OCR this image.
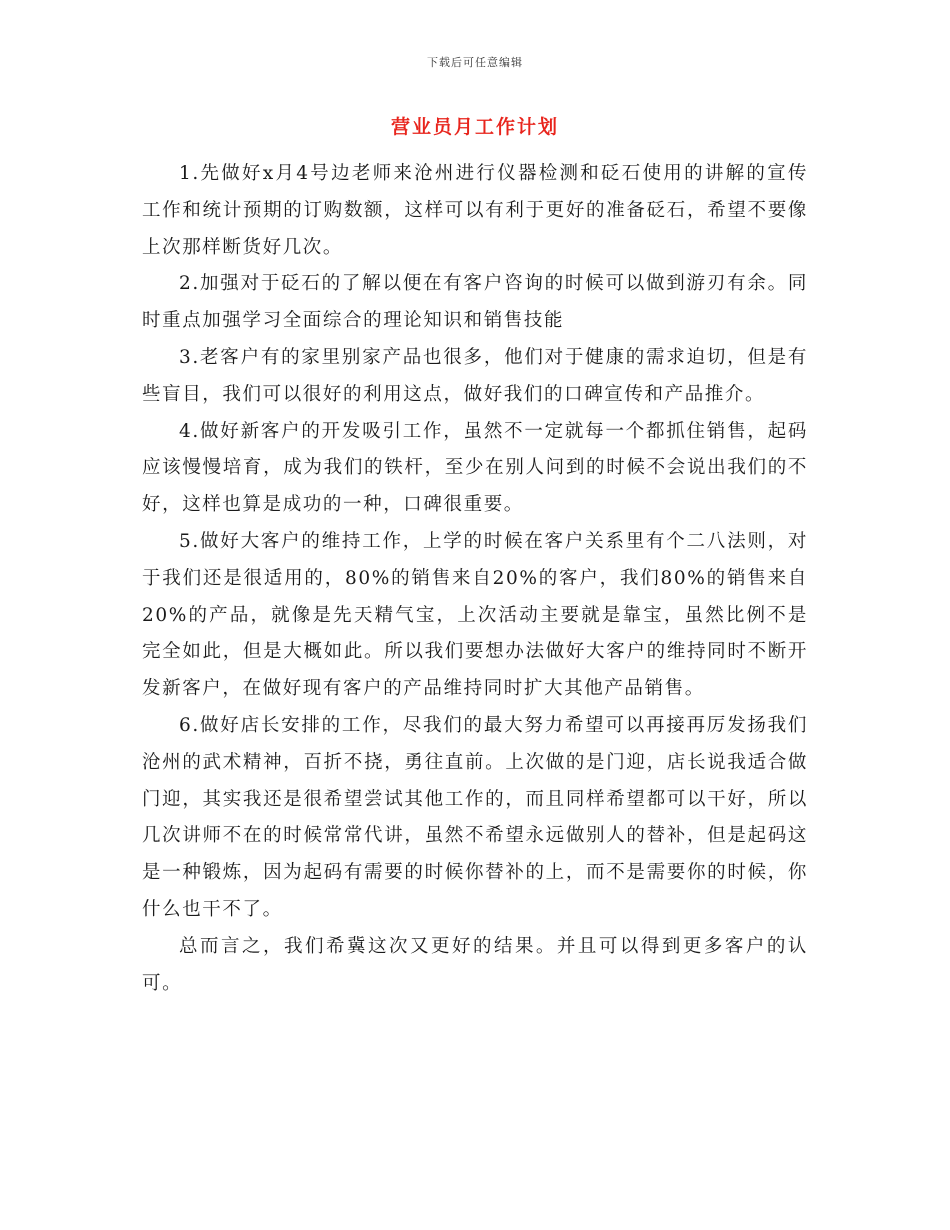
下载后可任意编辑
营业员月工作计划

1.先做好x月4号边老师来沧州进行仪器检测和砭石使用的讲解的宣传工作和统计预期的订购数额，这样可以有利于更好的准备砭石，希望不要像上次那样断货好几次。

2.加强对于砭石的了解以便在有客户咨询的时候可以做到游刃有余。同时重点加强学习全面综合的理论知识和销售技能

3.老客户有的家里别家产品也很多，他们对于健康的需求迫切，但是有些盲目，我们可以很好的利用这点，做好我们的口碑宣传和产品推介。

4.做好新客户的开发吸引工作，虽然不一定就每一个都抓住销售，起码应该慢慢培育，成为我们的铁杆，至少在别人问到的时候不会说出我们的不好，这样也算是成功的一种，口碑很重要。

5.做好大客户的维持工作，上学的时候在客户关系里有个二八法则，对于我们还是很适用的，80%的销售来自20%的客户，我们80%的销售来自20%的产品，就像是先天精气宝，上次活动主要就是靠宝，虽然比例不是完全如此，但是大概如此。所以我们要想办法做好大客户的维持同时不断开发新客户，在做好现有客户的产品维持同时扩大其他产品销售。

6.做好店长安排的工作，尽我们的最大努力希望可以再接再厉发扬我们沧州的武术精神，百折不挠，勇往直前。上次做的是门迎，店长说我适合做门迎，其实我还是很希望尝试其他工作的，而且同样希望都可以干好，所以几次讲师不在的时候常常代讲，虽然不希望永远做别人的替补，但是起码这是一种锻炼，因为起码有需要的时候你替补的上，而不是需要你的时候，你什么也干不了。

总而言之，我们希冀这次又更好的结果。并且可以得到更多客户的认可。
